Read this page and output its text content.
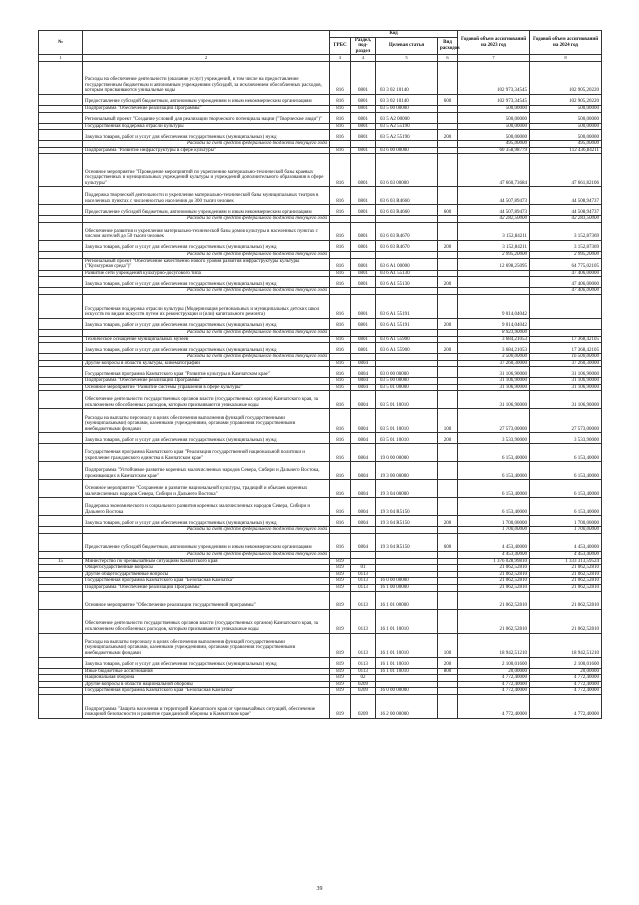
№		Код				Годовой объем ассигнований на 2023 год	Годовой объем ассигнований на 2024 год
		ГРБС	Раздел, под-раздел	Целевая статья	Вид расходов		
1	2	3	4	5	6	7	8
	Расходы на обеспечение деятельности (оказание услуг) учреждений, в том числе на предоставление государственным бюджетным и автономным учреждениям субсидий, за исключением обособленных расходов, которым присваиваются уникальные коды	816	0801	03 3 02 10140		102 973,34545	102 905,20220
	Предоставление субсидий бюджетным, автономным учреждениям и иным некоммерческим организациям	816	0801	03 3 02 10140	600	102 973,34545	102 905,20220
	Подпрограмма "Обеспечение реализации Программы"	816	0801	03 5 00 00000		500,00000	500,00000
	Региональный проект "Создание условий для реализации творческого потенциала нации ("Творческие люди")"	816	0801	03 5 A2 00000		500,00000	500,00000
	Государственная поддержка отрасли культуры	816	0801	03 5 A2 55190		500,00000	500,00000
	Закупка товаров, работ и услуг для обеспечения государственных (муниципальных) нужд	816	0801	03 5 A2 55190	200	500,00000	500,00000
	Расходы за счет средств федерального бюджета текущего года					495,00000	495,00000
	Подпрограмма "Развитие инфраструктуры в сфере культуры"	816	0801	03 6 00 00000		60 358,98779	112 436,84211
	Основное мероприятие "Проведение мероприятий по укреплению материально-технической базы краевых государственных и муниципальных учреждений культуры и учреждений дополнительного образования в сфере культуры"	816	0801	03 6 03 00000		47 660,73684	47 661,82106
	Поддержка творческой деятельности и укрепление материально-технической базы муниципальных театров в населенных пунктах с численностью населения до 300 тысяч человек	816	0801	03 6 03 R4660		44 507,89473	44 508,94737
	Предоставление субсидий бюджетным, автономным учреждениям и иным некоммерческим организациям	816	0801	03 6 03 R4660	600	44 507,89473	44 508,94737
	Расходы за счет средств федерального бюджета текущего года					42 282,50000	42 283,50000
	Обеспечение развития и укрепления материально-технической базы домов культуры в населенных пунктах с числом жителей до 50 тысяч человек	816	0801	03 6 03 R4670		3 152,84211	3 152,87369
	Закупка товаров, работ и услуг для обеспечения государственных (муниципальных) нужд	816	0801	03 6 03 R4670	200	3 152,84211	3 152,87369
	Расходы за счет средств федерального бюджета текущего года					2 995,20000	2 995,20000
	Региональный проект "Обеспечение качественно нового уровня развития инфраструктуры культуры ("Культурная среда")"	816	0801	03 6 A1 00000		12 698,25095	64 775,02105
	Развитие сети учреждений культурно-досугового типа	816	0801	03 6 A1 55130			47 406,00000
	Закупка товаров, работ и услуг для обеспечения государственных (муниципальных) нужд	816	0801	03 6 A1 55130	200		47 406,00000
	Расходы за счет средств федерального бюджета текущего года						47 406,00000
	Государственная поддержка отрасли культуры (Модернизация региональных и муниципальных детских школ искусств по видам искусств путем их реконструкции и (или) капитального ремонта)	816	0801	03 6 A1 55191		9 014,04042	
	Закупка товаров, работ и услуг для обеспечения государственных (муниципальных) нужд	816	0801	03 6 A1 55191	200	9 014,04042	
	Расходы за счет средств федерального бюджета текущего года					8 923,90000	
	Техническое оснащение муниципальных музеев	816	0801	03 6 A1 55900		3 684,21053	17 368,42105
	Закупка товаров, работ и услуг для обеспечения государственных (муниципальных) нужд	816	0801	03 6 A1 55900	200	3 684,21053	17 368,42105
	Расходы за счет средств федерального бюджета текущего года					3 500,00000	16 500,00000
	Другие вопросы в области культуры, кинематографии	816	0804			37 260,30000	37 260,30000
	Государственная программа Камчатского края "Развитие культуры в Камчатском крае"	816	0804	03 0 00 00000		31 106,90000	31 106,90000
	Подпрограмма "Обеспечение реализации Программы"	816	0804	03 5 00 00000		31 106,90000	31 106,90000
	Основное мероприятие "Развитие системы управления в сфере культуры"	816	0804	03 5 01 00000		31 106,90000	31 106,90000
	Обеспечение деятельности государственных органов власти (государственных органов) Камчатского края, за исключением обособленных расходов, которым присваиваются уникальные коды	816	0804	03 5 01 10010		31 106,90000	31 106,90000
	Расходы на выплаты персоналу в целях обеспечения выполнения функций государственными (муниципальными) органами, казенными учреждениями, органами управления государственными внебюджетными фондами	816	0804	03 5 01 10010	100	27 573,00000	27 573,00000
	Закупка товаров, работ и услуг для обеспечения государственных (муниципальных) нужд	816	0804	03 5 01 10010	200	3 533,90000	3 533,90000
	Государственная программа Камчатского края "Реализация государственной национальной политики и укрепление гражданского единства в Камчатском крае"	816	0804	19 0 00 00000		6 153,40000	6 153,40000
	Подпрограмма "Устойчивое развитие коренных малочисленных народов Севера, Сибири и Дальнего Востока, проживающих в Камчатском крае"	816	0804	19 3 00 00000		6 153,40000	6 153,40000
	Основное мероприятие "Сохранение и развитие национальной культуры, традиций и обычаев коренных малочисленных народов Севера, Сибири и Дальнего Востока"	816	0804	19 3 04 00000		6 153,40000	6 153,40000
	Поддержка экономического и социального развития коренных малочисленных народов Севера, Сибири и Дальнего Востока	816	0804	19 3 04 R5150		6 153,40000	6 153,40000
	Закупка товаров, работ и услуг для обеспечения государственных (муниципальных) нужд	816	0804	19 3 04 R5150	200	1 700,00000	1 700,00000
	Расходы за счет средств федерального бюджета текущего года					1 700,00000	1 700,00000
	Предоставление субсидий бюджетным, автономным учреждениям и иным некоммерческим организациям	816	0804	19 3 04 R5150	600	4 453,40000	4 453,40000
	Расходы за счет средств федерального бюджета текущего года					4 453,40000	4 453,40000
15	Министерство по чрезвычайным ситуациям Камчатского края	819				1 376 028,99810	1 333 313,59524
	Общегосударственные вопросы	819	01			21 062,52810	21 062,52810
	Другие общегосударственные вопросы	819	0113			21 062,52810	21 062,52810
	Государственная программа Камчатского края "Безопасная Камчатка"	819	0113	16 0 00 00000		21 062,52810	21 062,52810
	Подпрограмма "Обеспечение реализации Программы"	819	0113	16 1 00 00000		21 062,52810	21 062,52810
	Основное мероприятие "Обеспечение реализации государственной программы"	819	0113	16 1 01 00000		21 062,52810	21 062,52810
	Обеспечение деятельности государственных органов власти (государственных органов) Камчатского края, за исключением обособленных расходов, которым присваиваются уникальные коды	819	0113	16 1 01 10010		21 062,52810	21 062,52810
	Расходы на выплаты персоналу в целях обеспечения выполнения функций государственными (муниципальными) органами, казенными учреждениями, органами управления государственными внебюджетными фондами	819	0113	16 1 01 10010	100	18 942,51210	18 942,51210
	Закупка товаров, работ и услуг для обеспечения государственных (муниципальных) нужд	819	0113	16 1 01 10010	200	2 100,01600	2 100,01600
	Иные бюджетные ассигнования	819	0113	16 1 01 10010	800	20,00000	20,00000
	Национальная оборона	819	02			4 772,40000	4 772,40000
	Другие вопросы в области национальной обороны	819	0209			4 772,40000	4 772,40000
	Государственная программа Камчатского края "Безопасная Камчатка"	819	0209	16 0 00 00000		4 772,40000	4 772,40000
	Подпрограмма "Защита населения и территорий Камчатского края от чрезвычайных ситуаций, обеспечение пожарной безопасности и развитие гражданской обороны в Камчатском крае"	819	0209	16 2 00 00000		4 772,40000	4 772,40000
39
